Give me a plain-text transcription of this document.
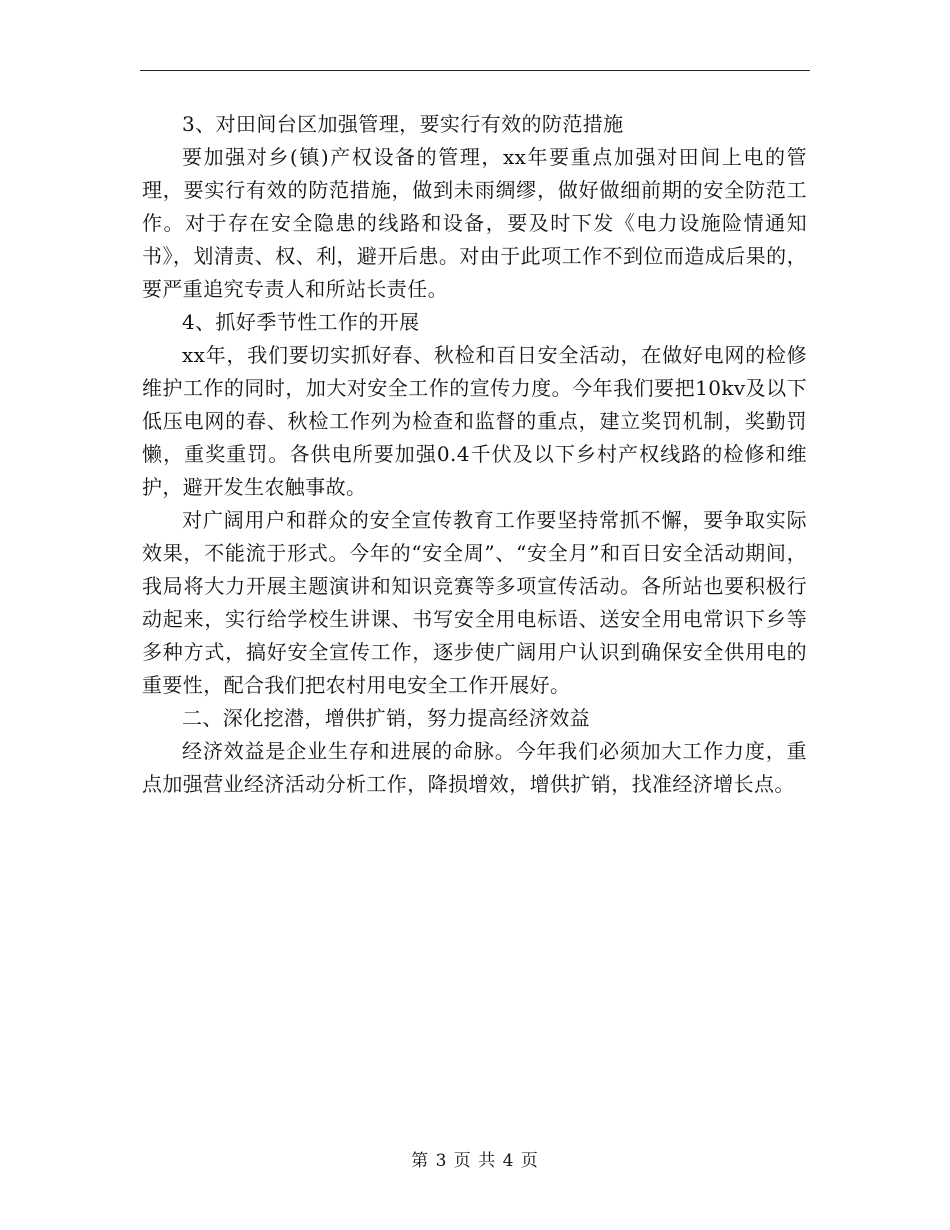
3、对田间台区加强管理，要实行有效的防范措施

要加强对乡(镇)产权设备的管理，xx年要重点加强对田间上电的管理，要实行有效的防范措施，做到未雨绸缪，做好做细前期的安全防范工作。对于存在安全隐患的线路和设备，要及时下发《电力设施险情通知书》，划清责、权、利，避开后患。对由于此项工作不到位而造成后果的，要严重追究专责人和所站长责任。

4、抓好季节性工作的开展

xx年，我们要切实抓好春、秋检和百日安全活动，在做好电网的检修维护工作的同时，加大对安全工作的宣传力度。今年我们要把10kv及以下低压电网的春、秋检工作列为检查和监督的重点，建立奖罚机制，奖勤罚懒，重奖重罚。各供电所要加强0.4千伏及以下乡村产权线路的检修和维护，避开发生农触事故。

对广阔用户和群众的安全宣传教育工作要坚持常抓不懈，要争取实际效果，不能流于形式。今年的“安全周”、“安全月”和百日安全活动期间，我局将大力开展主题演讲和知识竞赛等多项宣传活动。各所站也要积极行动起来，实行给学校生讲课、书写安全用电标语、送安全用电常识下乡等多种方式，搞好安全宣传工作，逐步使广阔用户认识到确保安全供用电的重要性，配合我们把农村用电安全工作开展好。

二、深化挖潜，增供扩销，努力提高经济效益

经济效益是企业生存和进展的命脉。今年我们必须加大工作力度，重点加强营业经济活动分析工作，降损增效，增供扩销，找准经济增长点。

第 3 页 共 4 页
